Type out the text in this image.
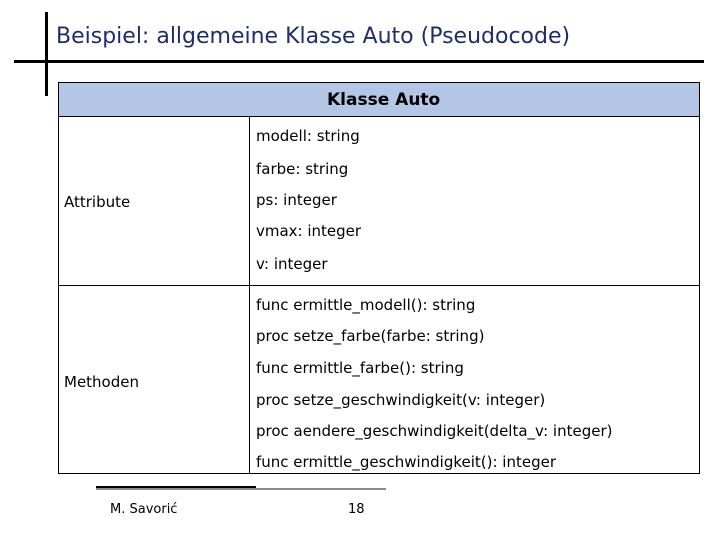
Beispiel: allgemeine Klasse Auto (Pseudocode)
Klasse Auto
Attribute
modell: string
farbe: string
ps: integer
vmax: integer
v: integer
Methoden
func ermittle_modell(): string
proc setze_farbe(farbe: string)
func ermittle_farbe(): string
proc setze_geschwindigkeit(v: integer)
proc aendere_geschwindigkeit(delta_v: integer)
func ermittle_geschwindigkeit(): integer
M. Savorić	18
